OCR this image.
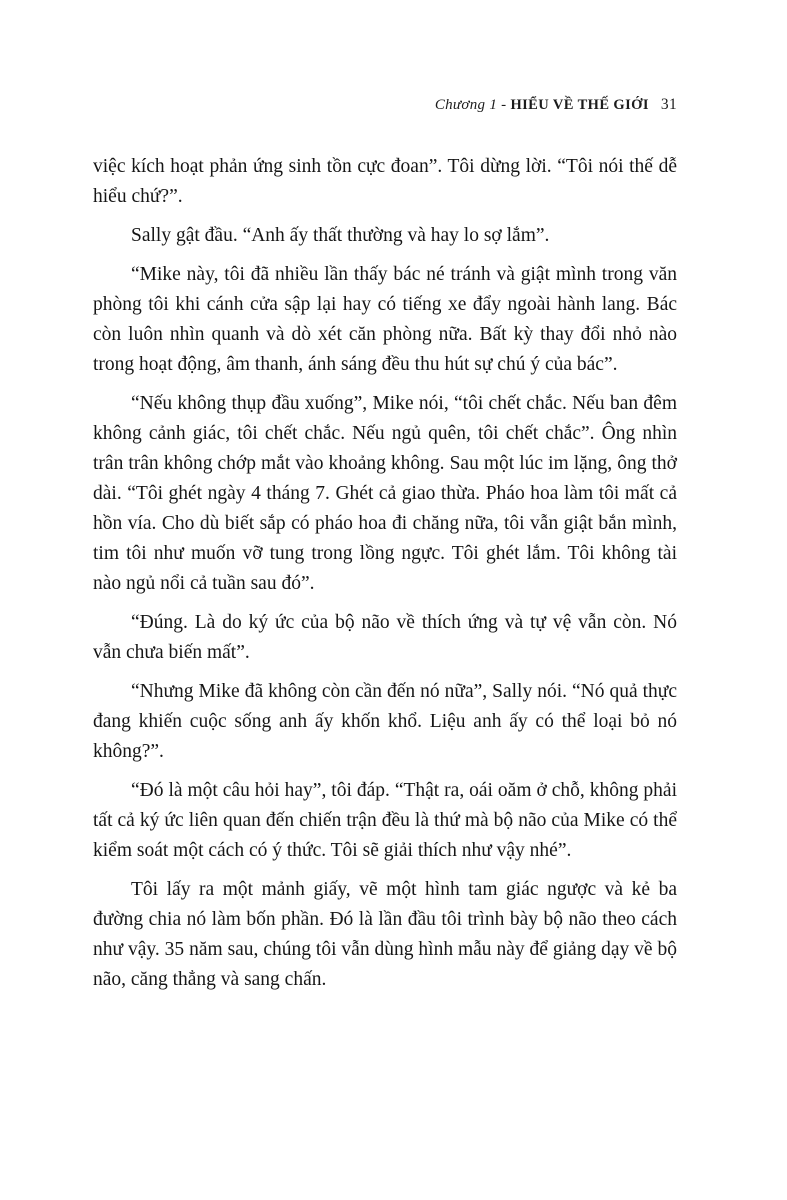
Chương 1 - HIỂU VỀ THẾ GIỚI 31

việc kích hoạt phản ứng sinh tồn cực đoan”. Tôi dừng lời. “Tôi nói thế dễ hiểu chứ?”.

Sally gật đầu. “Anh ấy thất thường và hay lo sợ lắm”.

“Mike này, tôi đã nhiều lần thấy bác né tránh và giật mình trong văn phòng tôi khi cánh cửa sập lại hay có tiếng xe đẩy ngoài hành lang. Bác còn luôn nhìn quanh và dò xét căn phòng nữa. Bất kỳ thay đổi nhỏ nào trong hoạt động, âm thanh, ánh sáng đều thu hút sự chú ý của bác”.

“Nếu không thụp đầu xuống”, Mike nói, “tôi chết chắc. Nếu ban đêm không cảnh giác, tôi chết chắc. Nếu ngủ quên, tôi chết chắc”. Ông nhìn trân trân không chớp mắt vào khoảng không. Sau một lúc im lặng, ông thở dài. “Tôi ghét ngày 4 tháng 7. Ghét cả giao thừa. Pháo hoa làm tôi mất cả hồn vía. Cho dù biết sắp có pháo hoa đi chăng nữa, tôi vẫn giật bắn mình, tim tôi như muốn vỡ tung trong lồng ngực. Tôi ghét lắm. Tôi không tài nào ngủ nổi cả tuần sau đó”.

“Đúng. Là do ký ức của bộ não về thích ứng và tự vệ vẫn còn. Nó vẫn chưa biến mất”.

“Nhưng Mike đã không còn cần đến nó nữa”, Sally nói. “Nó quả thực đang khiến cuộc sống anh ấy khốn khổ. Liệu anh ấy có thể loại bỏ nó không?”.

“Đó là một câu hỏi hay”, tôi đáp. “Thật ra, oái oăm ở chỗ, không phải tất cả ký ức liên quan đến chiến trận đều là thứ mà bộ não của Mike có thể kiểm soát một cách có ý thức. Tôi sẽ giải thích như vậy nhé”.

Tôi lấy ra một mảnh giấy, vẽ một hình tam giác ngược và kẻ ba đường chia nó làm bốn phần. Đó là lần đầu tôi trình bày bộ não theo cách như vậy. 35 năm sau, chúng tôi vẫn dùng hình mẫu này để giảng dạy về bộ não, căng thẳng và sang chấn.
